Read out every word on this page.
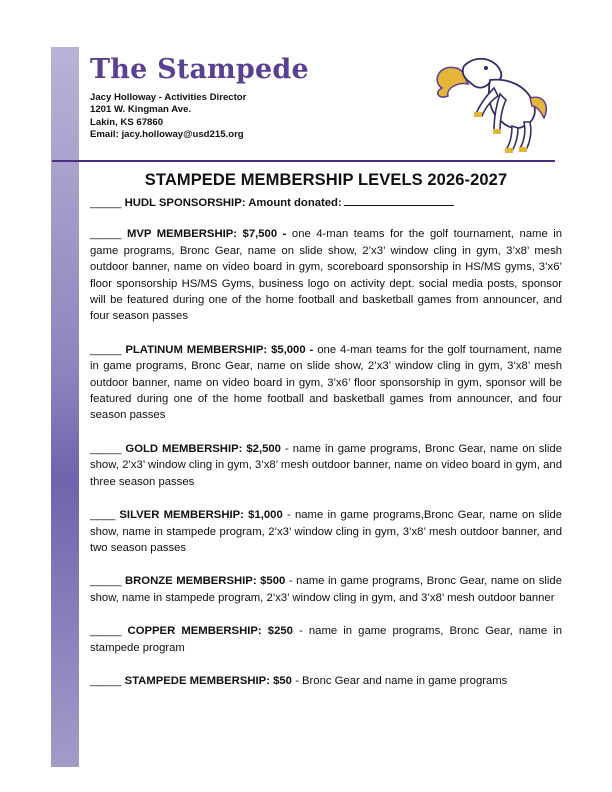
The Stampede
Jacy Holloway - Activities Director
1201 W. Kingman Ave.
Lakin, KS 67860
Email: jacy.holloway@usd215.org
STAMPEDE MEMBERSHIP LEVELS 2026-2027

_____ HUDL SPONSORSHIP: Amount donated:

_____ MVP MEMBERSHIP: $7,500 - one 4-man teams for the golf tournament, name in game programs, Bronc Gear, name on slide show, 2’x3’ window cling in gym, 3’x8’ mesh outdoor banner, name on video board in gym, scoreboard sponsorship in HS/MS gyms, 3’x6’ floor sponsorship HS/MS Gyms, business logo on activity dept. social media posts, sponsor will be featured during one of the home football and basketball games from announcer, and four season passes

_____ PLATINUM MEMBERSHIP: $5,000 - one 4-man teams for the golf tournament, name in game programs, Bronc Gear, name on slide show, 2’x3’ window cling in gym, 3’x8’ mesh outdoor banner, name on video board in gym, 3’x6’ floor sponsorship in gym, sponsor will be featured during one of the home football and basketball games from announcer, and four season passes

_____ GOLD MEMBERSHIP: $2,500 - name in game programs, Bronc Gear, name on slide show, 2’x3’ window cling in gym, 3’x8’ mesh outdoor banner, name on video board in gym, and three season passes

____ SILVER MEMBERSHIP: $1,000 - name in game programs,Bronc Gear, name on slide show, name in stampede program, 2’x3’ window cling in gym, 3’x8’ mesh outdoor banner, and two season passes

_____ BRONZE MEMBERSHIP: $500 - name in game programs, Bronc Gear, name on slide show, name in stampede program, 2’x3’ window cling in gym, and 3’x8’ mesh outdoor banner

_____ COPPER MEMBERSHIP: $250 - name in game programs, Bronc Gear, name in stampede program

_____ STAMPEDE MEMBERSHIP: $50 - Bronc Gear and name in game programs
